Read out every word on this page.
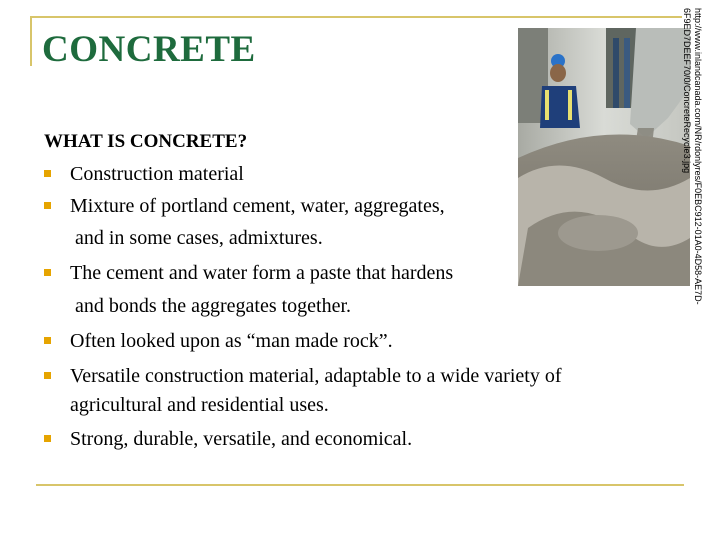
CONCRETE	http://www.inlandcanada.com/NR/rdonlyres/F0EBC912-01A0-4D58-AE7D-
6F9ED7DEEF70/0/ConcreteRecycle3.jpg
WHAT IS CONCRETE?
Construction material
Mixture of portland cement, water, aggregates,
and in some cases, admixtures.
The cement and water form a paste that hardens
and bonds the aggregates together.
Often looked upon as “man made rock”.
Versatile construction material, adaptable to a wide variety of
agricultural and residential uses.
Strong, durable, versatile, and economical.
